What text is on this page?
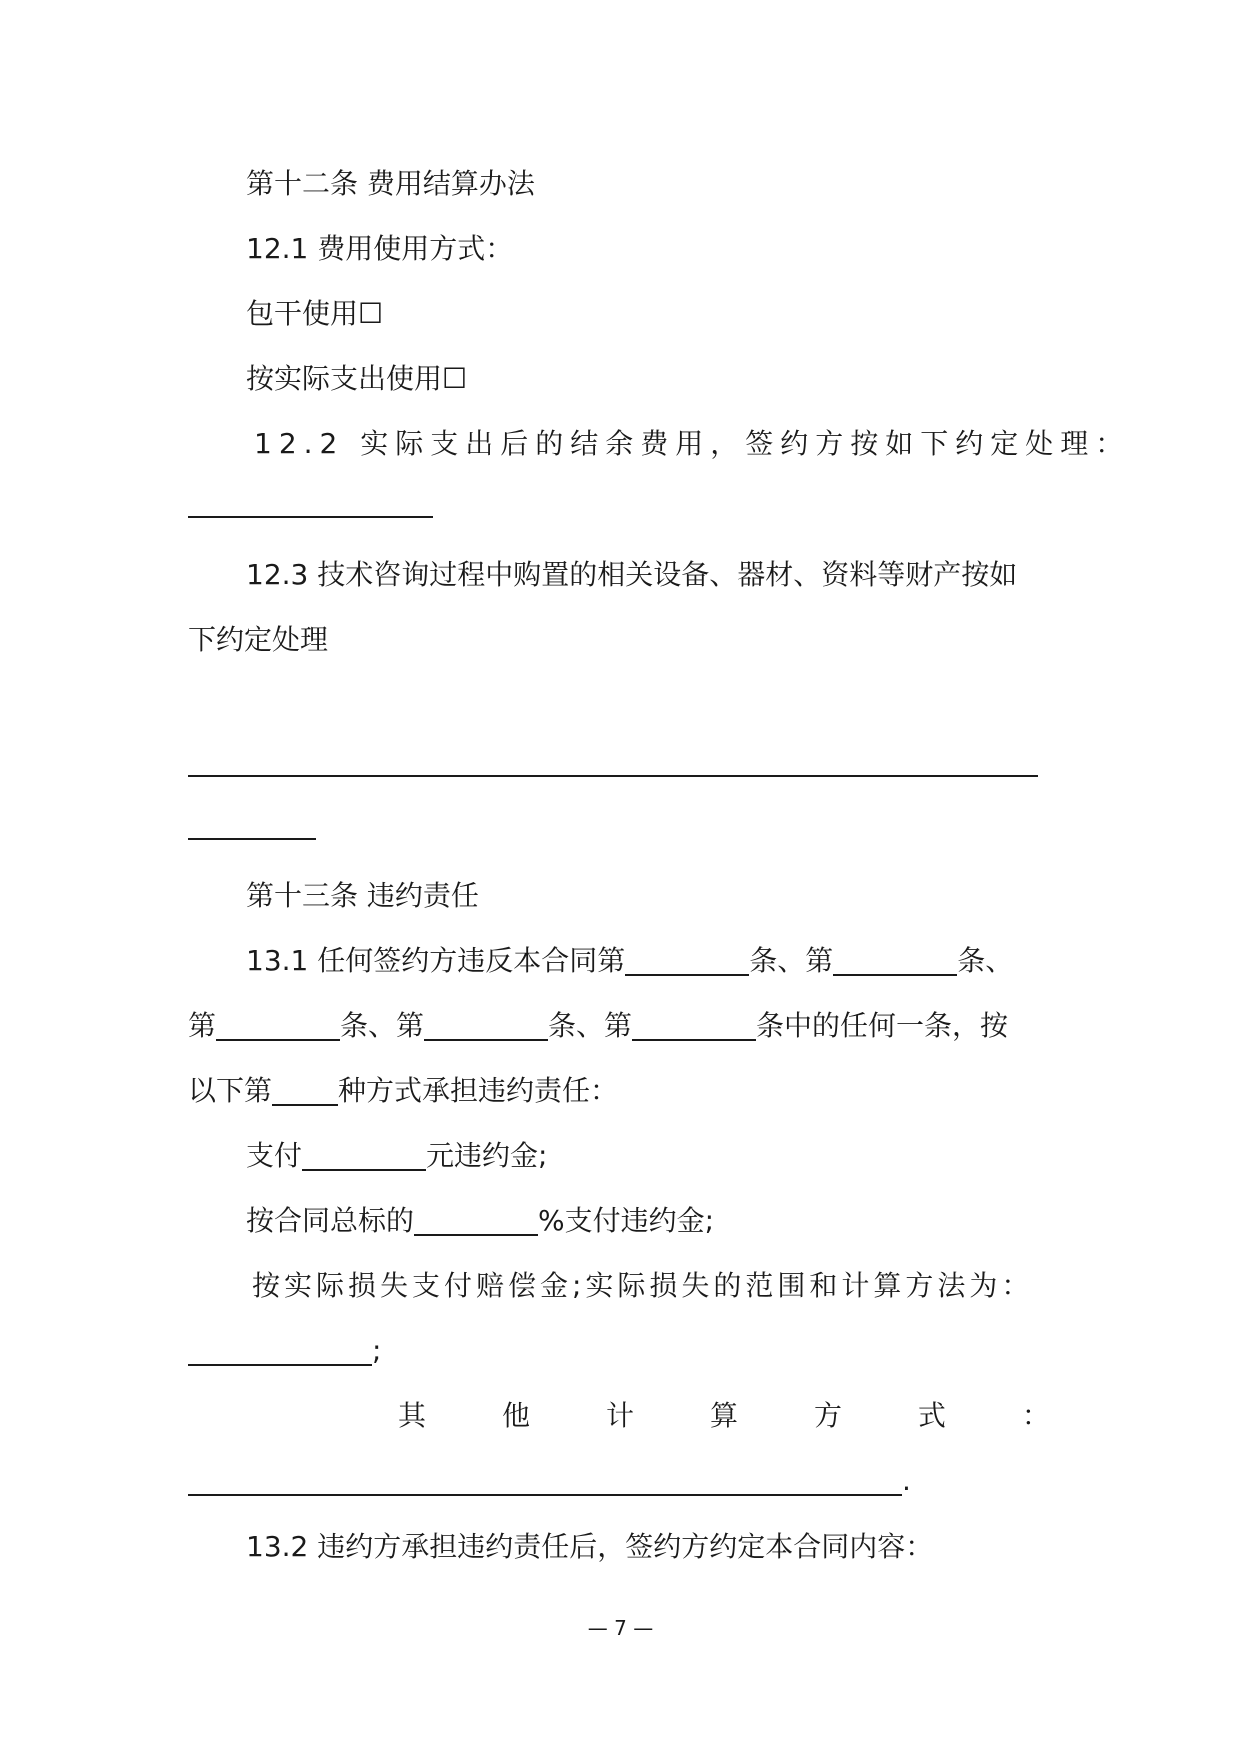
第十二条 费用结算办法
12.1 费用使用方式：
包干使用☐
按实际支出使用☐
12.2 实际支出后的结余费用，签约方按如下约定处理：
12.3 技术咨询过程中购置的相关设备、器材、资料等财产按如
下约定处理
第十三条 违约责任
13.1 任何签约方违反本合同第	条、第	条、
第	条、第	条、第	条中的任何一条，按
以下第 种方式承担违约责任：
支付	元违约金;
按合同总标的	%支付违约金;
按实际损失支付赔偿金;实际损失的范围和计算方法为：
;
其	他	计	算	方	式	：
.
13.2 违约方承担违约责任后，签约方约定本合同内容：
— 7 —
